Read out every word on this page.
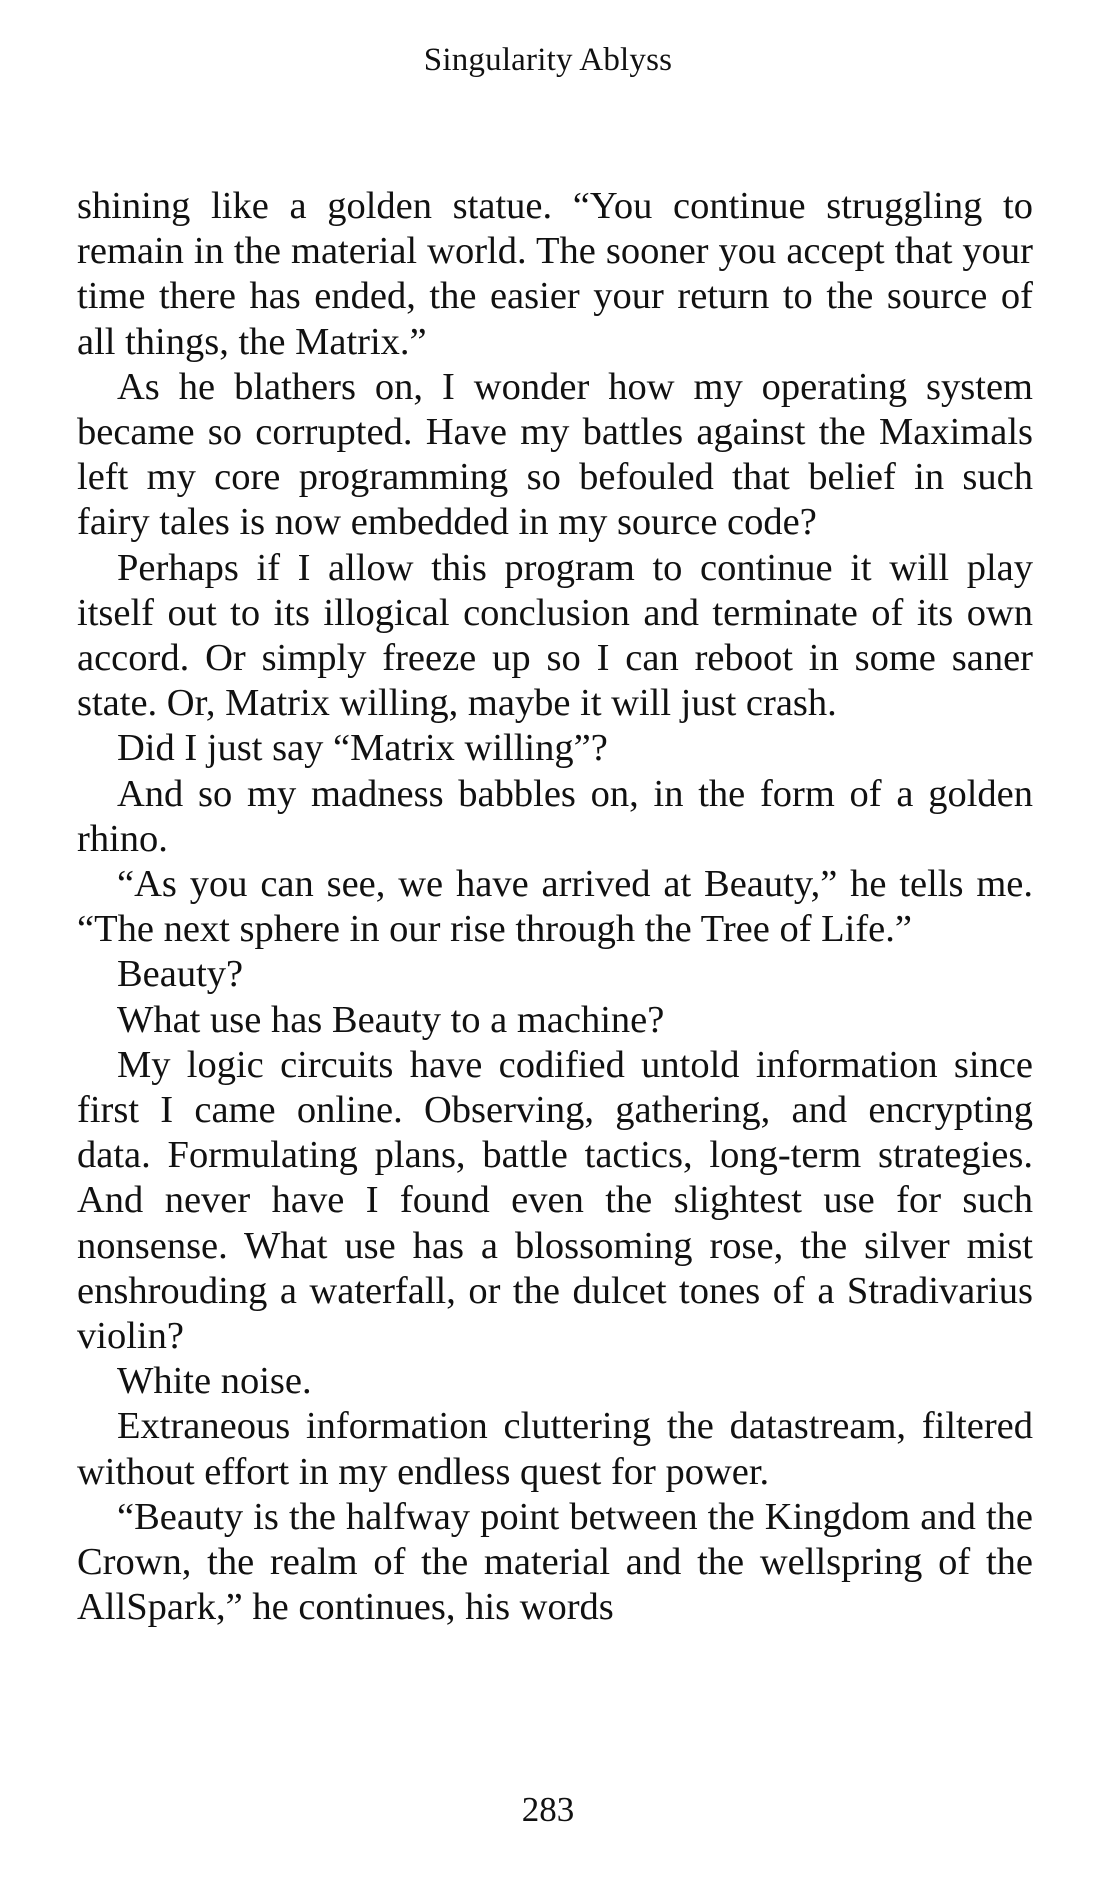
Singularity Ablyss

shining like a golden statue. “You continue struggling to remain in the material world. The sooner you accept that your time there has ended, the easier your return to the source of all things, the Matrix.”

As he blathers on, I wonder how my operating system became so corrupted. Have my battles against the Maximals left my core programming so befouled that belief in such fairy tales is now embedded in my source code?

Perhaps if I allow this program to continue it will play itself out to its illogical conclusion and terminate of its own accord. Or simply freeze up so I can reboot in some saner state. Or, Matrix willing, maybe it will just crash.

Did I just say “Matrix willing”?

And so my madness babbles on, in the form of a golden rhino.

“As you can see, we have arrived at Beauty,” he tells me. “The next sphere in our rise through the Tree of Life.”

Beauty?

What use has Beauty to a machine?

My logic circuits have codified untold information since first I came online. Observing, gathering, and encrypting data. Formulating plans, battle tactics, long-term strategies. And never have I found even the slightest use for such nonsense. What use has a blossoming rose, the silver mist enshrouding a waterfall, or the dulcet tones of a Stradivarius violin?

White noise.

Extraneous information cluttering the datastream, filtered without effort in my endless quest for power.

“Beauty is the halfway point between the Kingdom and the Crown, the realm of the material and the wellspring of the AllSpark,” he continues, his words

283
